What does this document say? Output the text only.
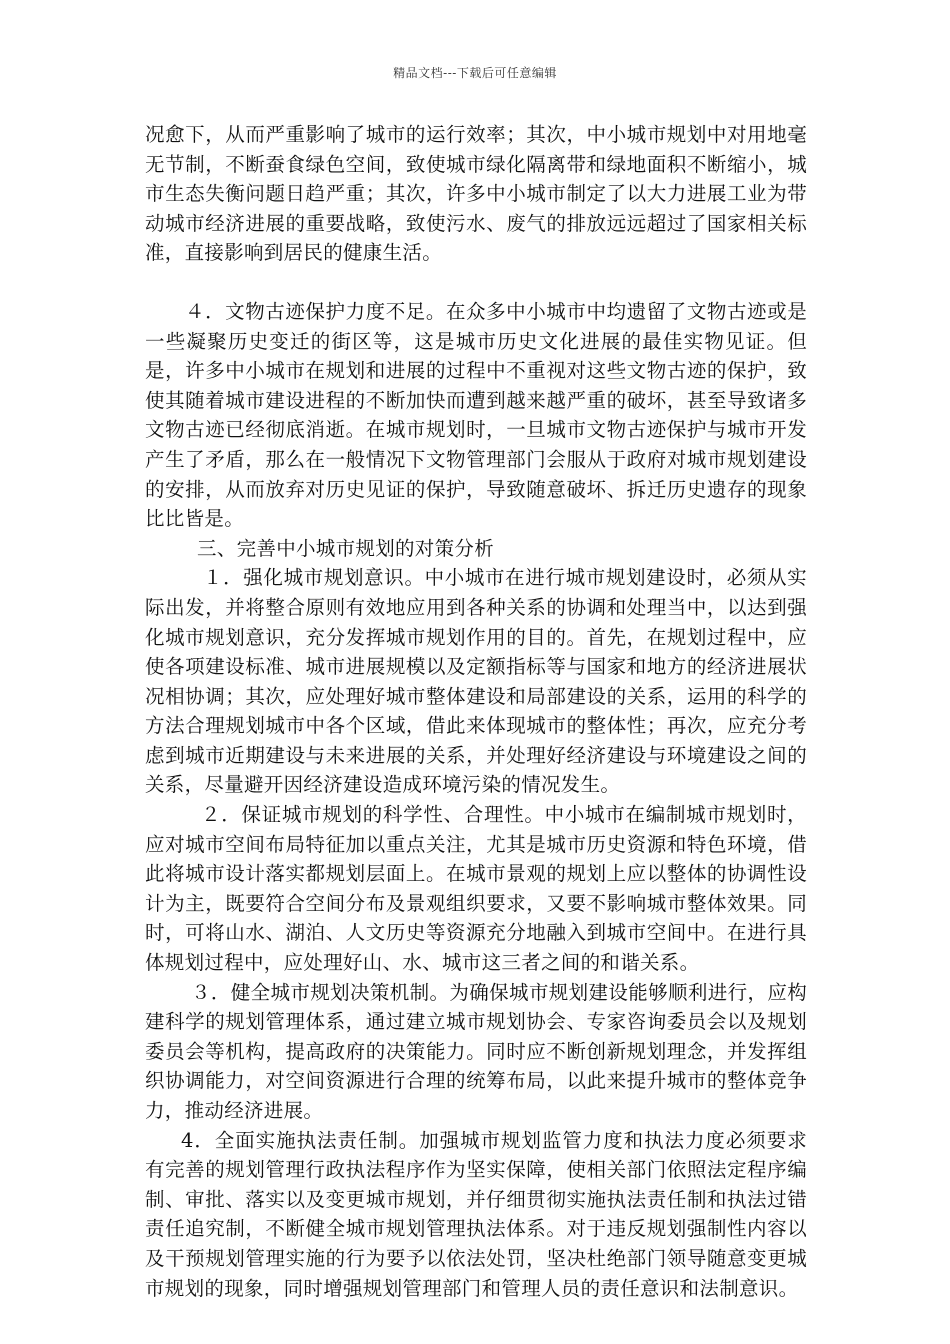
精品文档---下载后可任意编辑

况愈下，从而严重影响了城市的运行效率；其次，中小城市规划中对用地毫无节制，不断蚕食绿色空间，致使城市绿化隔离带和绿地面积不断缩小，城市生态失衡问题日趋严重；其次，许多中小城市制定了以大力进展工业为带动城市经济进展的重要战略，致使污水、废气的排放远远超过了国家相关标准，直接影响到居民的健康生活。

４．文物古迹保护力度不足。在众多中小城市中均遗留了文物古迹或是一些凝聚历史变迁的街区等，这是城市历史文化进展的最佳实物见证。但是，许多中小城市在规划和进展的过程中不重视对这些文物古迹的保护，致使其随着城市建设进程的不断加快而遭到越来越严重的破坏，甚至导致诸多文物古迹已经彻底消逝。在城市规划时，一旦城市文物古迹保护与城市开发产生了矛盾，那么在一般情况下文物管理部门会服从于政府对城市规划建设的安排，从而放弃对历史见证的保护，导致随意破坏、拆迁历史遗存的现象比比皆是。

三、完善中小城市规划的对策分析

１．强化城市规划意识。中小城市在进行城市规划建设时，必须从实际出发，并将整合原则有效地应用到各种关系的协调和处理当中，以达到强化城市规划意识，充分发挥城市规划作用的目的。首先，在规划过程中，应使各项建设标准、城市进展规模以及定额指标等与国家和地方的经济进展状况相协调；其次，应处理好城市整体建设和局部建设的关系，运用的科学的方法合理规划城市中各个区域，借此来体现城市的整体性；再次，应充分考虑到城市近期建设与未来进展的关系，并处理好经济建设与环境建设之间的关系，尽量避开因经济建设造成环境污染的情况发生。

２．保证城市规划的科学性、合理性。中小城市在编制城市规划时，应对城市空间布局特征加以重点关注，尤其是城市历史资源和特色环境，借此将城市设计落实都规划层面上。在城市景观的规划上应以整体的协调性设计为主，既要符合空间分布及景观组织要求，又要不影响城市整体效果。同时，可将山水、湖泊、人文历史等资源充分地融入到城市空间中。在进行具体规划过程中，应处理好山、水、城市这三者之间的和谐关系。

３．健全城市规划决策机制。为确保城市规划建设能够顺利进行，应构建科学的规划管理体系，通过建立城市规划协会、专家咨询委员会以及规划委员会等机构，提高政府的决策能力。同时应不断创新规划理念，并发挥组织协调能力，对空间资源进行合理的统筹布局，以此来提升城市的整体竞争力，推动经济进展。

4．全面实施执法责任制。加强城市规划监管力度和执法力度必须要求有完善的规划管理行政执法程序作为坚实保障，使相关部门依照法定程序编制、审批、落实以及变更城市规划，并仔细贯彻实施执法责任制和执法过错责任追究制，不断健全城市规划管理执法体系。对于违反规划强制性内容以及干预规划管理实施的行为要予以依法处罚，坚决杜绝部门领导随意变更城市规划的现象，同时增强规划管理部门和管理人员的责任意识和法制意识。
